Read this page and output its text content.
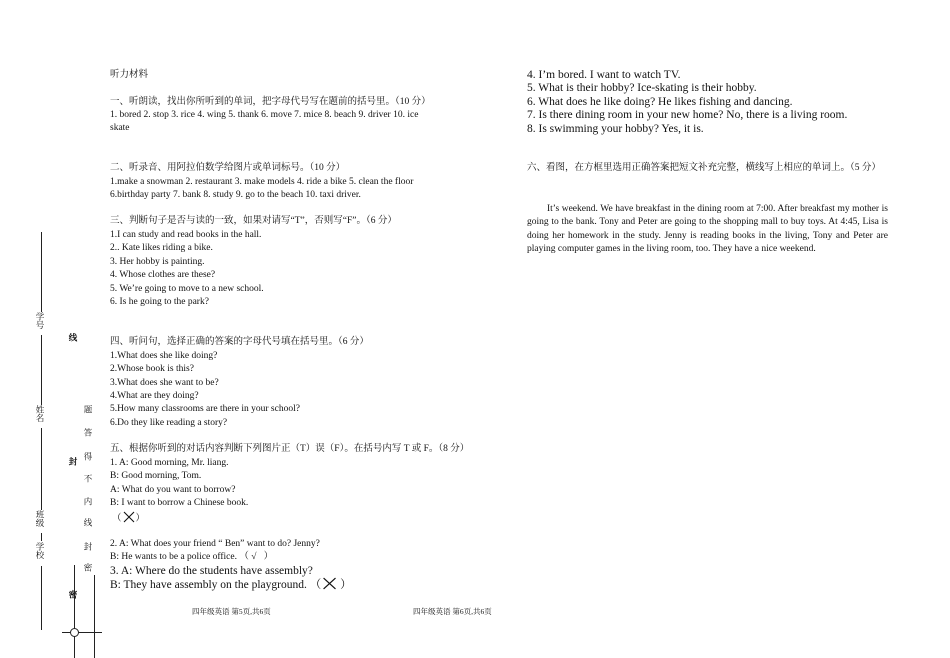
学号
姓名
班级
学校
线
封
密
题
答
得
不
内
线
封
密
听力材料
一、听朗读，找出你所听到的单词，把字母代号写在题前的括号里。（10 分）
1. bored 2. stop 3. rice 4. wing 5. thank 6. move 7. mice 8. beach 9. driver 10. ice
skate
二、听录音、用阿拉伯数学给图片或单词标号。（10 分）
1.make a snowman 2. restaurant 3. make models 4. ride a bike 5. clean the floor
6.birthday party 7. bank 8. study 9. go to the beach 10. taxi driver.
三、判断句子是否与读的一致，如果对请写“T”，否则写“F”。（6 分）
1.I can study and read books in the hall.
2.. Kate likes riding a bike.
3. Her hobby is painting.
4. Whose clothes are these?
5. We’re going to move to a new school.
6. Is he going to the park?
四、听问句，选择正确的答案的字母代号填在括号里。（6 分）
1.What does she like doing?
2.Whose book is this?
3.What does she want to be?
4.What are they doing?
5.How many classrooms are there in your school?
6.Do they like reading a story?
五、根据你听到的对话内容判断下列图片正（T）误（F）。在括号内写 T 或 F。（8 分）
1. A: Good morning, Mr. liang.
B: Good morning, Tom.
A: What do you want to borrow?
B: I want to borrow a Chinese book.
（ ）
2. A: What does your friend “ Ben” want to do? Jenny?
B: He wants to be a police office. （ √ ）
3. A: Where do the students have assembly?
B: They have assembly on the playground. （ ）
四年级英语 第5页,共6页
4. I’m bored. I want to watch TV.
5. What is their hobby? Ice-skating is their hobby.
6. What does he like doing? He likes fishing and dancing.
7. Is there dining room in your new home? No, there is a living room.
8. Is swimming your hobby? Yes, it is.
六、看图，在方框里选用正确答案把短文补充完整，横线写上相应的单词上。（5 分）
It’s weekend. We have breakfast in the dining room at 7:00. After breakfast my mother is going to the bank. Tony and Peter are going to the shopping mall to buy toys. At 4:45, Lisa is doing her homework in the study. Jenny is reading books in the living, Tony and Peter are playing computer games in the living room, too. They have a nice weekend.
四年级英语 第6页,共6页
